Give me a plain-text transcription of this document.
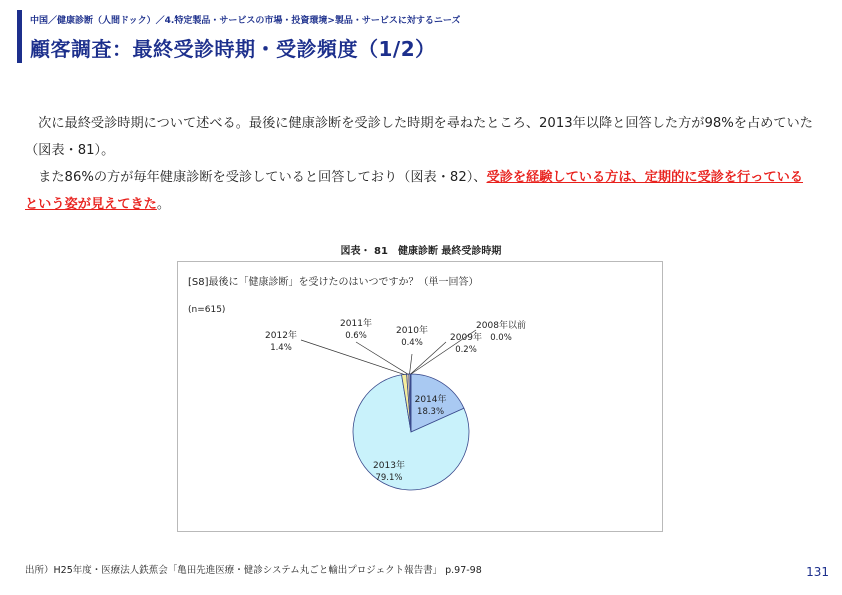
中国／健康診断（人間ドック）／4.特定製品・サービスの市場・投資環境>製品・サービスに対するニーズ
顧客調査：最終受診時期・受診頻度（1/2）

　次に最終受診時期について述べる。最後に健康診断を受診した時期を尋ねたところ、2013年以降と回答した方が98%を占めていた（図表・81）。

　また86%の方が毎年健康診断を受診していると回答しており（図表・82）、受診を経験している方は、定期的に受診を行っているという姿が見えてきた。

図表・ 81　健康診断 最終受診時期
[S8]最後に「健康診断」を受けたのはいつですか？（単一回答）
(n=615)
2014年
18.3%
2013年
79.1%
2012年
1.4%
2011年
0.6%	2010年
0.4%	2009年
0.2%
2008年以前
0.0%
出所）H25年度・医療法人鉄蕉会「亀田先進医療・健診システム丸ごと輸出プロジェクト報告書」 p.97-98	131
